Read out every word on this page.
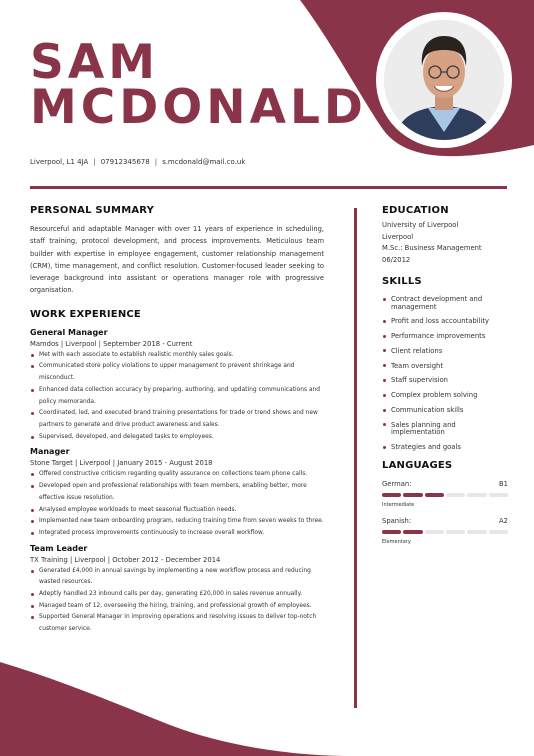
SAM
MCDONALD
Liverpool, L1 4JA | 07912345678 | s.mcdonald@mail.co.uk
PERSONAL SUMMARY
Resourceful and adaptable Manager with over 11 years of experience in scheduling, staff training, protocol development, and process improvements. Meticulous team builder with expertise in employee engagement, customer relationship management (CRM), time management, and conflict resolution. Customer-focused leader seeking to leverage background into assistant or operations manager role with progressive organisation.
WORK EXPERIENCE
General Manager
Mamdos | Liverpool | September 2018 - Current
Met with each associate to establish realistic monthly sales goals.
Communicated store policy violations to upper management to prevent shrinkage and misconduct.
Enhanced data collection accuracy by preparing, authoring, and updating communications and policy memoranda.
Coordinated, led, and executed brand training presentations for trade or trend shows and new partners to generate and drive product awareness and sales.
Supervised, developed, and delegated tasks to employees.
Manager
Stone Target | Liverpool | January 2015 - August 2018
Offered constructive criticism regarding quality assurance on collections team phone calls.
Developed open and professional relationships with team members, enabling better, more effective issue resolution.
Analysed employee workloads to meet seasonal fluctuation needs.
Implemented new team onboarding program, reducing training time from seven weeks to three.
Integrated process improvements continuously to increase overall workflow.
Team Leader
TX Training | Liverpool | October 2012 - December 2014
Generated £4,000 in annual savings by implementing a new workflow process and reducing wasted resources.
Adeptly handled 23 inbound calls per day, generating £20,000 in sales revenue annually.
Managed team of 12, overseeing the hiring, training, and professional growth of employees.
Supported General Manager in improving operations and resolving issues to deliver top-notch customer service.
EDUCATION
University of Liverpool
Liverpool
M.Sc.: Business Management
06/2012
SKILLS
Contract development and management
Profit and loss accountability
Performance improvements
Client relations
Team oversight
Staff supervision
Complex problem solving
Communication skills
Sales planning and implementation
Strategies and goals
LANGUAGES
German:	B1
Intermediate
Spanish:	A2
Elementary
